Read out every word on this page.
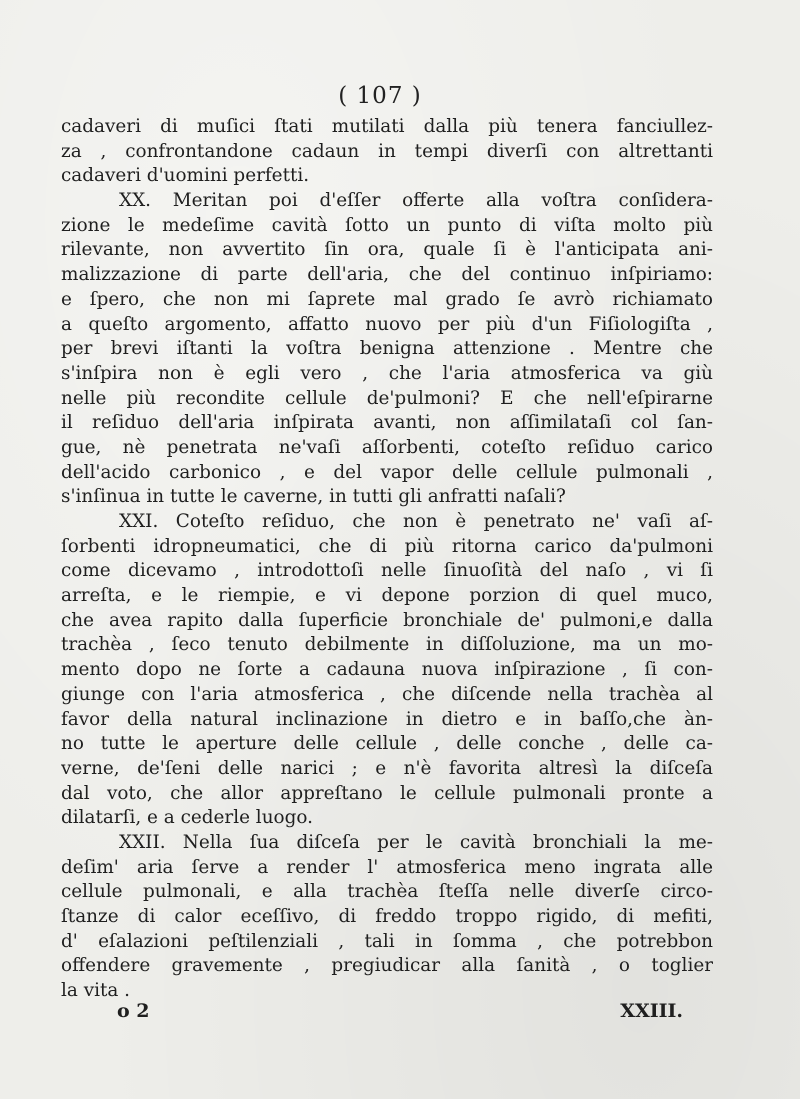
( 107 )
cadaveri di muſici ſtati mutilati dalla più tenera fanciullez-
za , confrontandone cadaun in tempi diverſi con altrettanti
cadaveri d'uomini perfetti.
XX. Meritan poi d'eſſer offerte alla voſtra conſidera-
zione le medeſime cavità ſotto un punto di viſta molto più
rilevante, non avvertito ſin ora, quale ſi è l'anticipata ani-
malizzazione di parte dell'aria, che del continuo inſpiriamo:
e ſpero, che non mi ſaprete mal grado ſe avrò richiamato
a queſto argomento, affatto nuovo per più d'un Fiſiologiſta ,
per brevi iſtanti la voſtra benigna attenzione . Mentre che
s'inſpira non è egli vero , che l'aria atmosferica va giù
nelle più recondite cellule de'pulmoni? E che nell'eſpirarne
il reſiduo dell'aria inſpirata avanti, non aſſimilataſi col ſan-
gue, nè penetrata ne'vaſi aſſorbenti, coteſto reſiduo carico
dell'acido carbonico , e del vapor delle cellule pulmonali ,
s'inſinua in tutte le caverne, in tutti gli anfratti naſali?
XXI. Coteſto reſiduo, che non è penetrato ne' vaſi aſ-
ſorbenti idropneumatici, che di più ritorna carico da'pulmoni
come dicevamo , introdottoſi nelle ſinuoſità del naſo , vi ſi
arreſta, e le riempie, e vi depone porzion di quel muco,
che avea rapito dalla ſuperficie bronchiale de' pulmoni,e dalla
trachèa , ſeco tenuto debilmente in diſſoluzione, ma un mo-
mento dopo ne ſorte a cadauna nuova inſpirazione , ſi con-
giunge con l'aria atmosferica , che diſcende nella trachèa al
favor della natural inclinazione in dietro e in baſſo,che àn-
no tutte le aperture delle cellule , delle conche , delle ca-
verne, de'ſeni delle narici ; e n'è favorita altresì la diſceſa
dal voto, che allor appreſtano le cellule pulmonali pronte a
dilatarſi, e a cederle luogo.
XXII. Nella ſua diſceſa per le cavità bronchiali la me-
deſim' aria ſerve a render l' atmosferica meno ingrata alle
cellule pulmonali, e alla trachèa ſteſſa nelle diverſe circo-
ſtanze di calor eceſſivo, di freddo troppo rigido, di mefiti,
d' eſalazioni peſtilenziali , tali in ſomma , che potrebbon
offendere gravemente , pregiudicar alla ſanità , o toglier
la vita .
o 2	XXIII.
